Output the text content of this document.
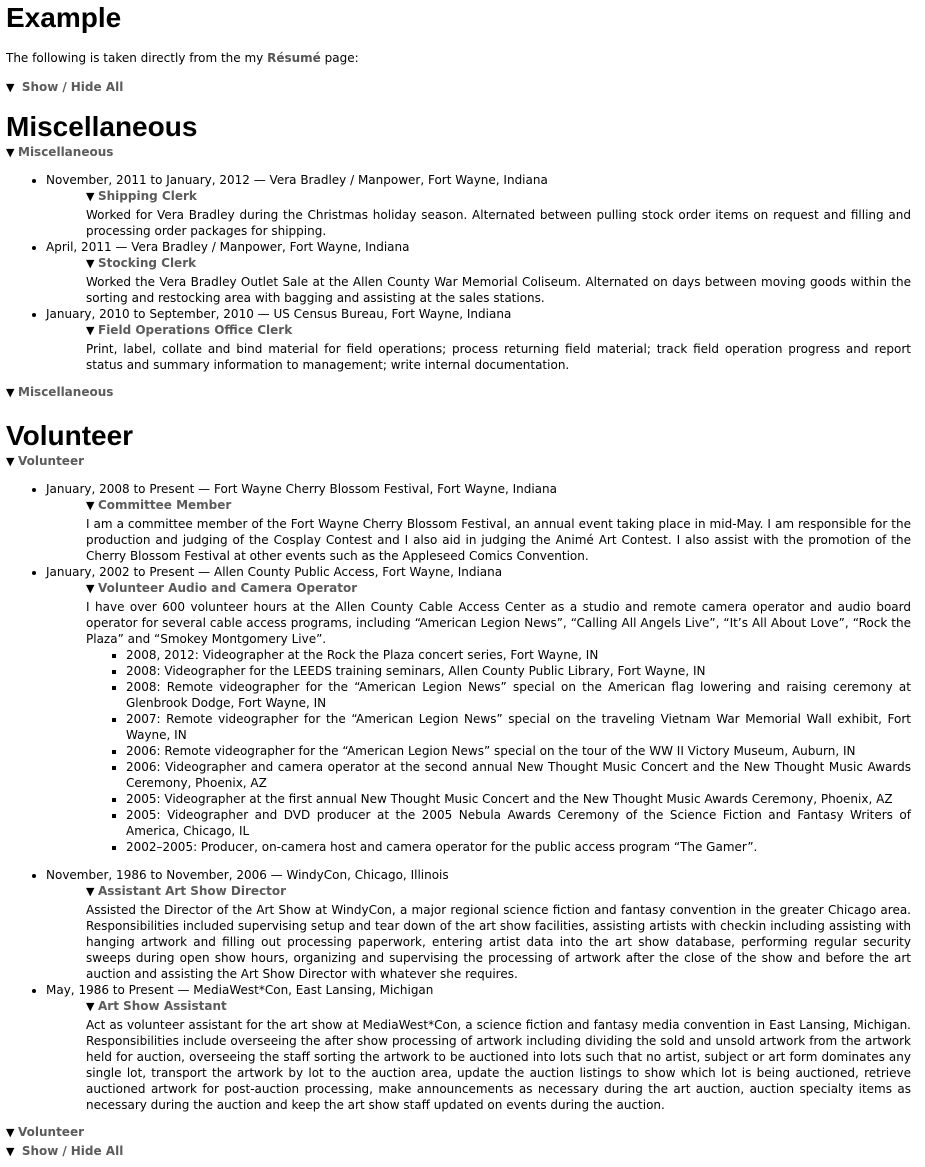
Example

The following is taken directly from the my Résumé page:

▼ Show / Hide All
Miscellaneous
▼ Miscellaneous
• November, 2011 to January, 2012 — Vera Bradley / Manpower, Fort Wayne, Indiana
▼ Shipping Clerk
Worked for Vera Bradley during the Christmas holiday season. Alternated between pulling stock order items on request and filling and processing order packages for shipping.
• April, 2011 — Vera Bradley / Manpower, Fort Wayne, Indiana
▼ Stocking Clerk
Worked the Vera Bradley Outlet Sale at the Allen County War Memorial Coliseum. Alternated on days between moving goods within the sorting and restocking area with bagging and assisting at the sales stations.
• January, 2010 to September, 2010 — US Census Bureau, Fort Wayne, Indiana
▼ Field Operations Office Clerk
Print, label, collate and bind material for field operations; process returning field material; track field operation progress and report status and summary information to management; write internal documentation.
▼ Miscellaneous
Volunteer
▼ Volunteer
• January, 2008 to Present — Fort Wayne Cherry Blossom Festival, Fort Wayne, Indiana
▼ Committee Member
I am a committee member of the Fort Wayne Cherry Blossom Festival, an annual event taking place in mid-May. I am responsible for the production and judging of the Cosplay Contest and I also aid in judging the Animé Art Contest. I also assist with the promotion of the Cherry Blossom Festival at other events such as the Appleseed Comics Convention.
• January, 2002 to Present — Allen County Public Access, Fort Wayne, Indiana
▼ Volunteer Audio and Camera Operator
I have over 600 volunteer hours at the Allen County Cable Access Center as a studio and remote camera operator and audio board operator for several cable access programs, including “American Legion News”, “Calling All Angels Live”, “It’s All About Love”, “Rock the Plaza” and “Smokey Montgomery Live”.
▪ 2008, 2012: Videographer at the Rock the Plaza concert series, Fort Wayne, IN
▪ 2008: Videographer for the LEEDS training seminars, Allen County Public Library, Fort Wayne, IN
▪ 2008: Remote videographer for the “American Legion News” special on the American flag lowering and raising ceremony at Glenbrook Dodge, Fort Wayne, IN
▪ 2007: Remote videographer for the “American Legion News” special on the traveling Vietnam War Memorial Wall exhibit, Fort Wayne, IN
▪ 2006: Remote videographer for the “American Legion News” special on the tour of the WW II Victory Museum, Auburn, IN
▪ 2006: Videographer and camera operator at the second annual New Thought Music Concert and the New Thought Music Awards Ceremony, Phoenix, AZ
▪ 2005: Videographer at the first annual New Thought Music Concert and the New Thought Music Awards Ceremony, Phoenix, AZ
▪ 2005: Videographer and DVD producer at the 2005 Nebula Awards Ceremony of the Science Fiction and Fantasy Writers of America, Chicago, IL
▪ 2002–2005: Producer, on-camera host and camera operator for the public access program “The Gamer”.
• November, 1986 to November, 2006 — WindyCon, Chicago, Illinois
▼ Assistant Art Show Director
Assisted the Director of the Art Show at WindyCon, a major regional science fiction and fantasy convention in the greater Chicago area. Responsibilities included supervising setup and tear down of the art show facilities, assisting artists with checkin including assisting with hanging artwork and filling out processing paperwork, entering artist data into the art show database, performing regular security sweeps during open show hours, organizing and supervising the processing of artwork after the close of the show and before the art auction and assisting the Art Show Director with whatever she requires.
• May, 1986 to Present — MediaWest*Con, East Lansing, Michigan
▼ Art Show Assistant
Act as volunteer assistant for the art show at MediaWest*Con, a science fiction and fantasy media convention in East Lansing, Michigan. Responsibilities include overseeing the after show processing of artwork including dividing the sold and unsold artwork from the artwork held for auction, overseeing the staff sorting the artwork to be auctioned into lots such that no artist, subject or art form dominates any single lot, transport the artwork by lot to the auction area, update the auction listings to show which lot is being auctioned, retrieve auctioned artwork for post-auction processing, make announcements as necessary during the art auction, auction specialty items as necessary during the auction and keep the art show staff updated on events during the auction.
▼ Volunteer
▼ Show / Hide All
